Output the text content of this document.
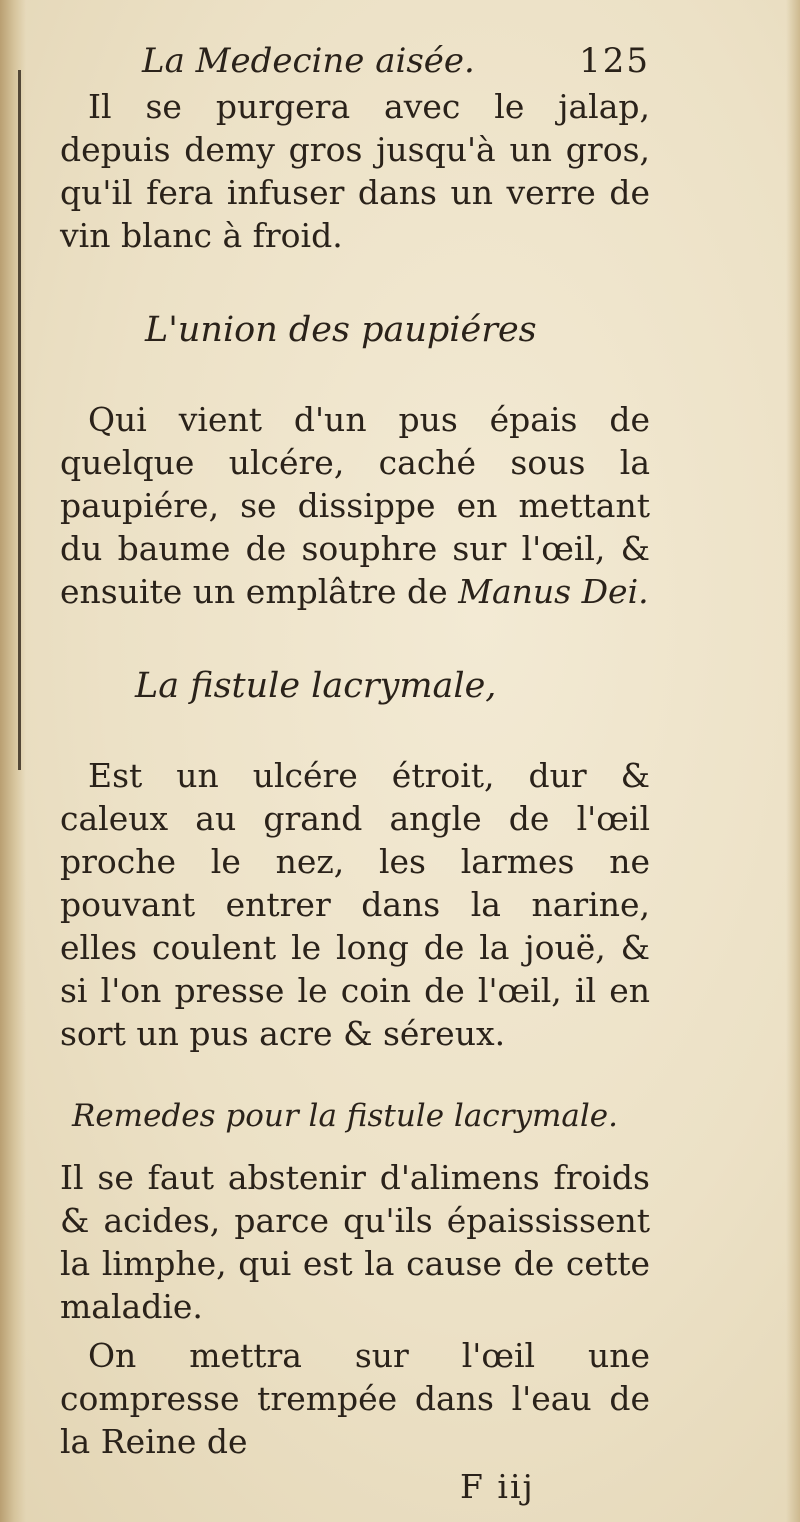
La Medecine aisée.	125

Il se purgera avec le jalap, depuis demy gros jusqu'à un gros, qu'il fera infuser dans un verre de vin blanc à froid.

L'union des paupiéres

Qui vient d'un pus épais de quelque ulcére, caché sous la paupiére, se dissippe en mettant du baume de souphre sur l'œil, & ensuite un emplâtre de Manus Dei.

La fistule lacrymale,

Est un ulcére étroit, dur & caleux au grand angle de l'œil proche le nez, les larmes ne pouvant entrer dans la narine, elles coulent le long de la jouë, & si l'on presse le coin de l'œil, il en sort un pus acre & séreux.

Remedes pour la fistule lacrymale.

Il se faut abstenir d'alimens froids & acides, parce qu'ils épaississent la limphe, qui est la cause de cette maladie.

On mettra sur l'œil une compresse trempée dans l'eau de la Reine de

F iij
